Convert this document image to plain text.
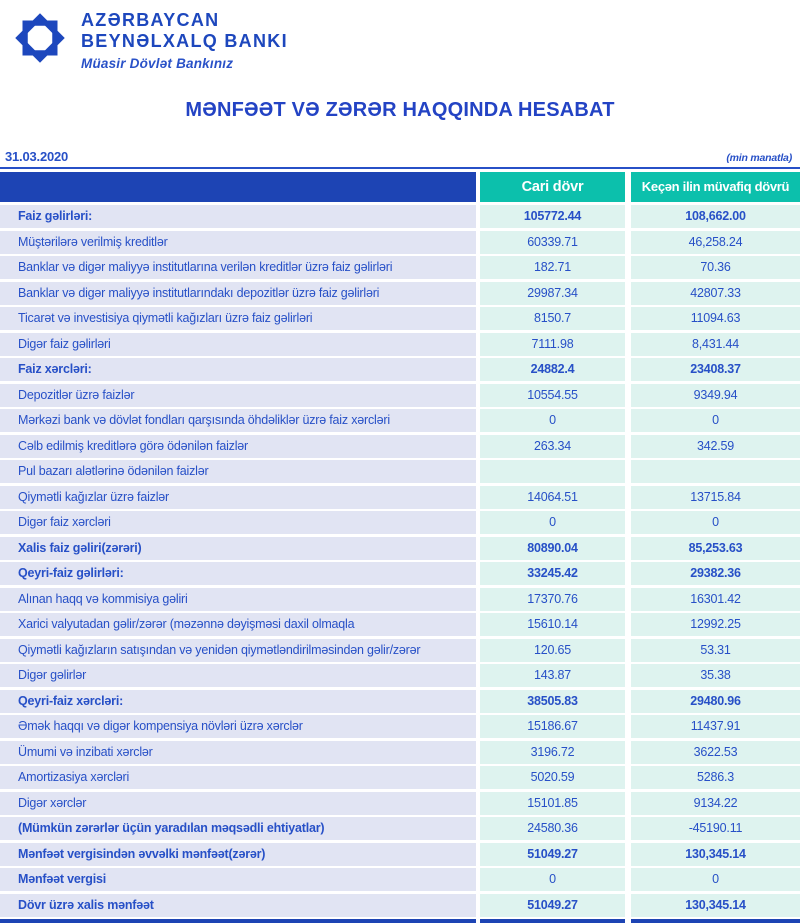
AZƏRBAYCAN
BEYNƏLXALQ BANKI
Müasir Dövlət Bankınız
MƏNFƏƏT VƏ ZƏRƏR HAQQINDA HESABAT
31.03.2020	(min manatla)
Cari dövr	Keçən ilin müvafiq dövrü
Faiz gəlirləri:	105772.44	108,662.00
Müştərilərə verilmiş kreditlər	60339.71	46,258.24
Banklar və digər maliyyə institutlarına verilən kreditlər üzrə faiz gəlirləri	182.71	70.36
Banklar və digər maliyyə institutlarındakı depozitlər üzrə faiz gəlirləri	29987.34	42807.33
Ticarət və investisiya qiymətli kağızları üzrə faiz gəlirləri	8150.7	11094.63
Digər faiz gəlirləri	7111.98	8,431.44
Faiz xərcləri:	24882.4	23408.37
Depozitlər üzrə faizlər	10554.55	9349.94
Mərkəzi bank və dövlət fondları qarşısında öhdəliklər üzrə faiz xərcləri	0	0
Cəlb edilmiş kreditlərə görə ödənilən faizlər	263.34	342.59
Pul bazarı alətlərinə ödənilən faizlər
Qiymətli kağızlar üzrə faizlər	14064.51	13715.84
Digər faiz xərcləri	0	0
Xalis faiz gəliri(zərəri)	80890.04	85,253.63
Qeyri-faiz gəlirləri:	33245.42	29382.36
Alınan haqq və kommisiya gəliri	17370.76	16301.42
Xarici valyutadan gəlir/zərər (məzənnə dəyişməsi daxil olmaqla	15610.14	12992.25
Qiymətli kağızların satışından və yenidən qiymətləndirilməsindən gəlir/zərər	120.65	53.31
Digər gəlirlər	143.87	35.38
Qeyri-faiz xərcləri:	38505.83	29480.96
Əmək haqqı və digər kompensiya növləri üzrə xərclər	15186.67	11437.91
Ümumi və inzibati xərclər	3196.72	3622.53
Amortizasiya xərcləri	5020.59	5286.3
Digər xərclər	15101.85	9134.22
(Mümkün zərərlər üçün yaradılan məqsədli ehtiyatlar)	24580.36	-45190.11
Mənfəət vergisindən əvvəlki mənfəət(zərər)	51049.27	130,345.14
Mənfəət vergisi	0	0
Dövr üzrə xalis mənfəət	51049.27	130,345.14
